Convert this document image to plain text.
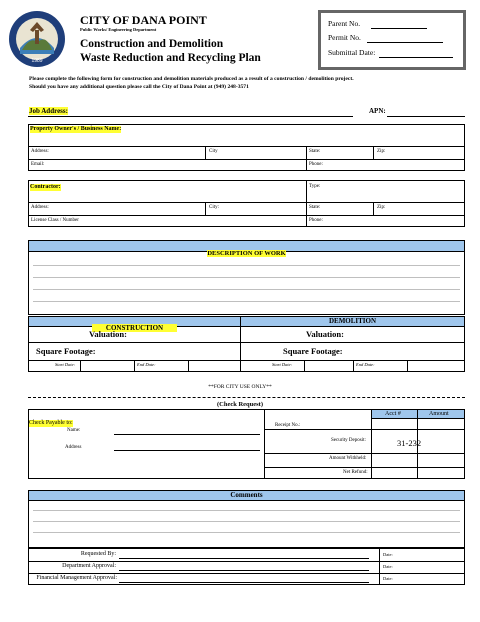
1989
CITY OF DANA POINT
Public Works/ Engineering Department
Construction and Demolition
Waste Reduction and Recycling Plan
Parent No.
Permit No.
Submittal Date:
Please complete the following form for construction and demolition materials produced as a result of a construction / demolition project.
Should you have any additional question please call the City of Dana Point at (949) 248-3571
Job Address:	APN:
Property Owner's / Business Name:
Address:	City	State:	Zip:
Email:	Phone:
Contractor:	Type:
Address:	City:	State:	Zip:
License Class / Number	Phone:
DESCRIPTION OF WORK
CONSTRUCTION
DEMOLITION
Valuation:	Valuation:
Square Footage:	Square Footage:
Start Date:	End Date:	Start Date:	End Date:
**FOR CITY USE ONLY**
(Check Request)
Acct #	Amount
Check Payable to:
Name:
Address
Receipt No.:
Security Deposit:	31-232
Amount Withheld:
Net Refund:
Comments
Requested By:	Date:
Department Approval:	Date:
Financial Management Approval:	Date:
